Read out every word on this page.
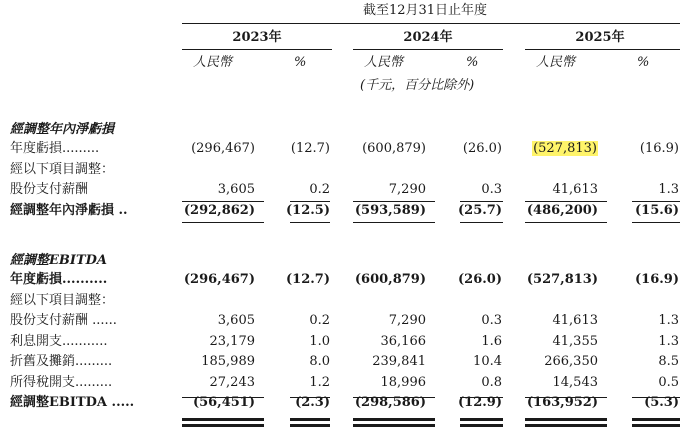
截至12月31日止年度
2023年	2024年	2025年
人民幣	%	人民幣	%	人民幣	%
(千元，百分比除外)
經調整年內淨虧損
年度虧損.........	(296,467)	(12.7)	(600,879)	(26.0)	(527,813)	(16.9)
經以下項目調整：
股份支付薪酬	3,605	0.2	7,290	0.3	41,613	1.3
經調整年內淨虧損 ..	(292,862)	(12.5)	(593,589)	(25.7)	(486,200)	(15.6)
經調整EBITDA
年度虧損..........	(296,467)	(12.7)	(600,879)	(26.0)	(527,813)	(16.9)
經以下項目調整：
股份支付薪酬 ......	3,605	0.2	7,290	0.3	41,613	1.3
利息開支...........	23,179	1.0	36,166	1.6	41,355	1.3
折舊及攤銷.........	185,989	8.0	239,841	10.4	266,350	8.5
所得稅開支.........	27,243	1.2	18,996	0.8	14,543	0.5
經調整EBITDA .....	(56,451)	(2.3)	(298,586)	(12.9)	(163,952)	(5.3)
